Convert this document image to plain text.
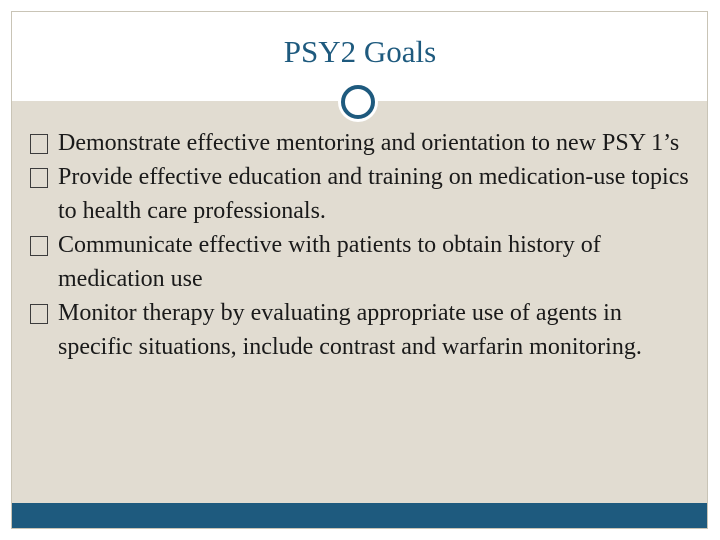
PSY2 Goals
Demonstrate effective mentoring and orientation to new PSY 1’s
Provide effective education and training on medication-use topics to health care professionals.
Communicate effective with patients to obtain history of medication use
Monitor therapy by evaluating appropriate use of agents in specific situations, include contrast and warfarin monitoring.
